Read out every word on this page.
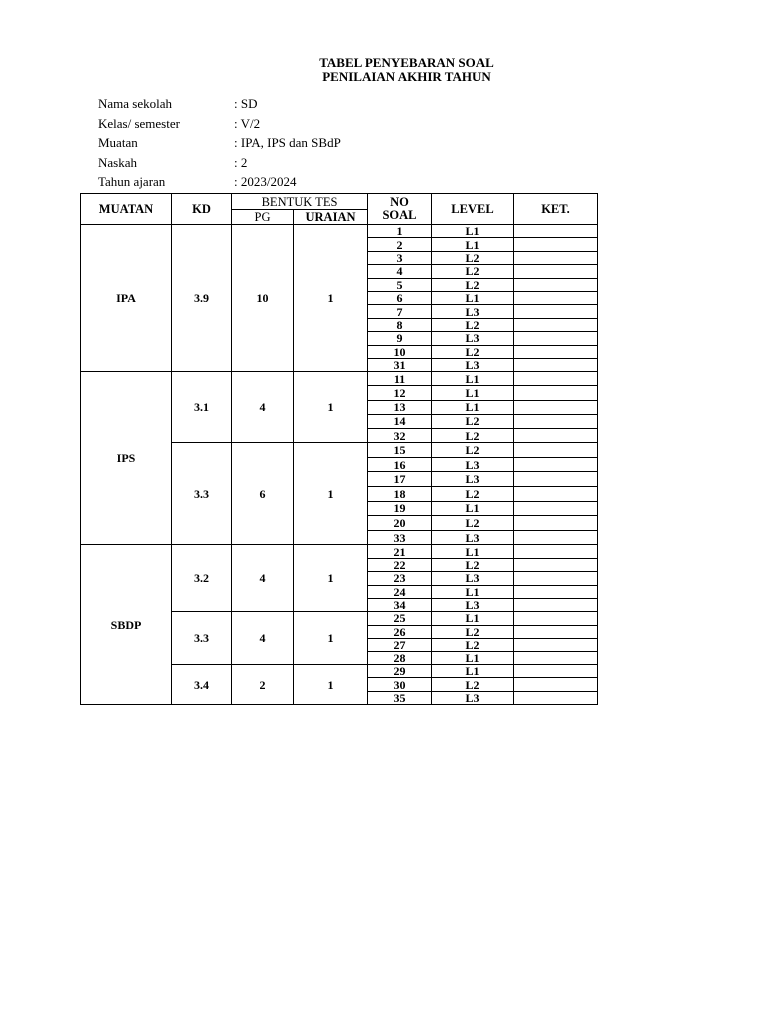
TABEL PENYEBARAN SOAL
PENILAIAN AKHIR TAHUN
Nama sekolah	: SD
Kelas/ semester	: V/2
Muatan	: IPA, IPS dan SBdP
Naskah	: 2
Tahun ajaran	: 2023/2024
MUATAN	KD	BENTUK TES		NO SOAL	LEVEL	KET.
		PG	URAIAN			
IPA	3.9	10	1	1	L1	
				2	L1	
				3	L2	
				4	L2	
				5	L2	
				6	L1	
				7	L3	
				8	L2	
				9	L3	
				10	L2	
				31	L3	
IPS	3.1	4	1	11	L1	
				12	L1	
				13	L1	
				14	L2	
				32	L2	
	3.3	6	1	15	L2	
				16	L3	
				17	L3	
				18	L2	
				19	L1	
				20	L2	
				33	L3	
SBDP	3.2	4	1	21	L1	
				22	L2	
				23	L3	
				24	L1	
				34	L3	
	3.3	4	1	25	L1	
				26	L2	
				27	L2	
				28	L1	
	3.4	2	1	29	L1	
				30	L2	
				35	L3	
